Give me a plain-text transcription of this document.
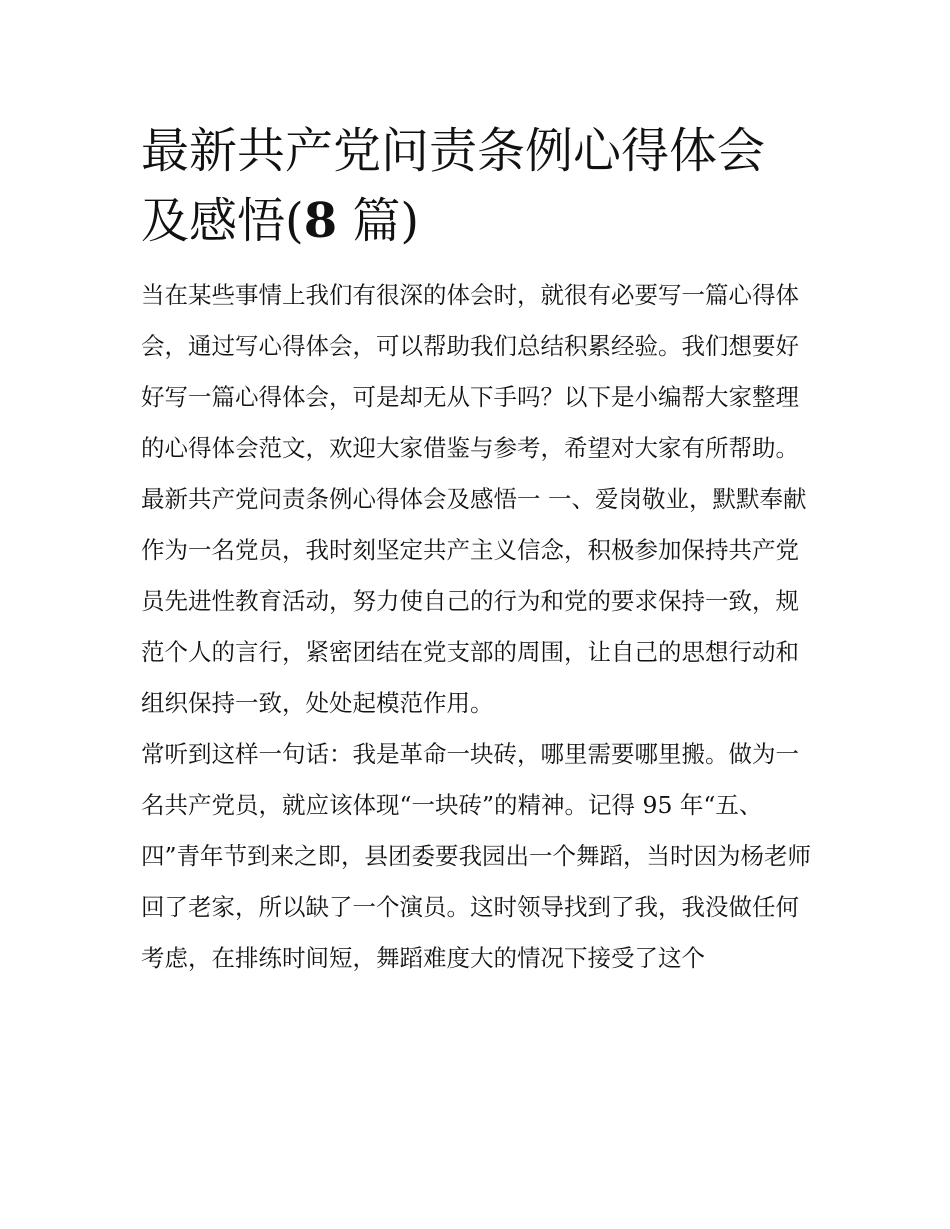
最新共产党问责条例心得体会
及感悟(8 篇)

当在某些事情上我们有很深的体会时，就很有必要写一篇心得体会，通过写心得体会，可以帮助我们总结积累经验。我们想要好好写一篇心得体会，可是却无从下手吗？以下是小编帮大家整理的心得体会范文，欢迎大家借鉴与参考，希望对大家有所帮助。

最新共产党问责条例心得体会及感悟一 一、爱岗敬业，默默奉献

作为一名党员，我时刻坚定共产主义信念，积极参加保持共产党员先进性教育活动，努力使自己的行为和党的要求保持一致，规范个人的言行，紧密团结在党支部的周围，让自己的思想行动和组织保持一致，处处起模范作用。

常听到这样一句话：我是革命一块砖，哪里需要哪里搬。做为一名共产党员，就应该体现“一块砖”的精神。记得 95 年“五、四”青年节到来之即，县团委要我园出一个舞蹈，当时因为杨老师回了老家，所以缺了一个演员。这时领导找到了我，我没做任何考虑，在排练时间短，舞蹈难度大的情况下接受了这个
